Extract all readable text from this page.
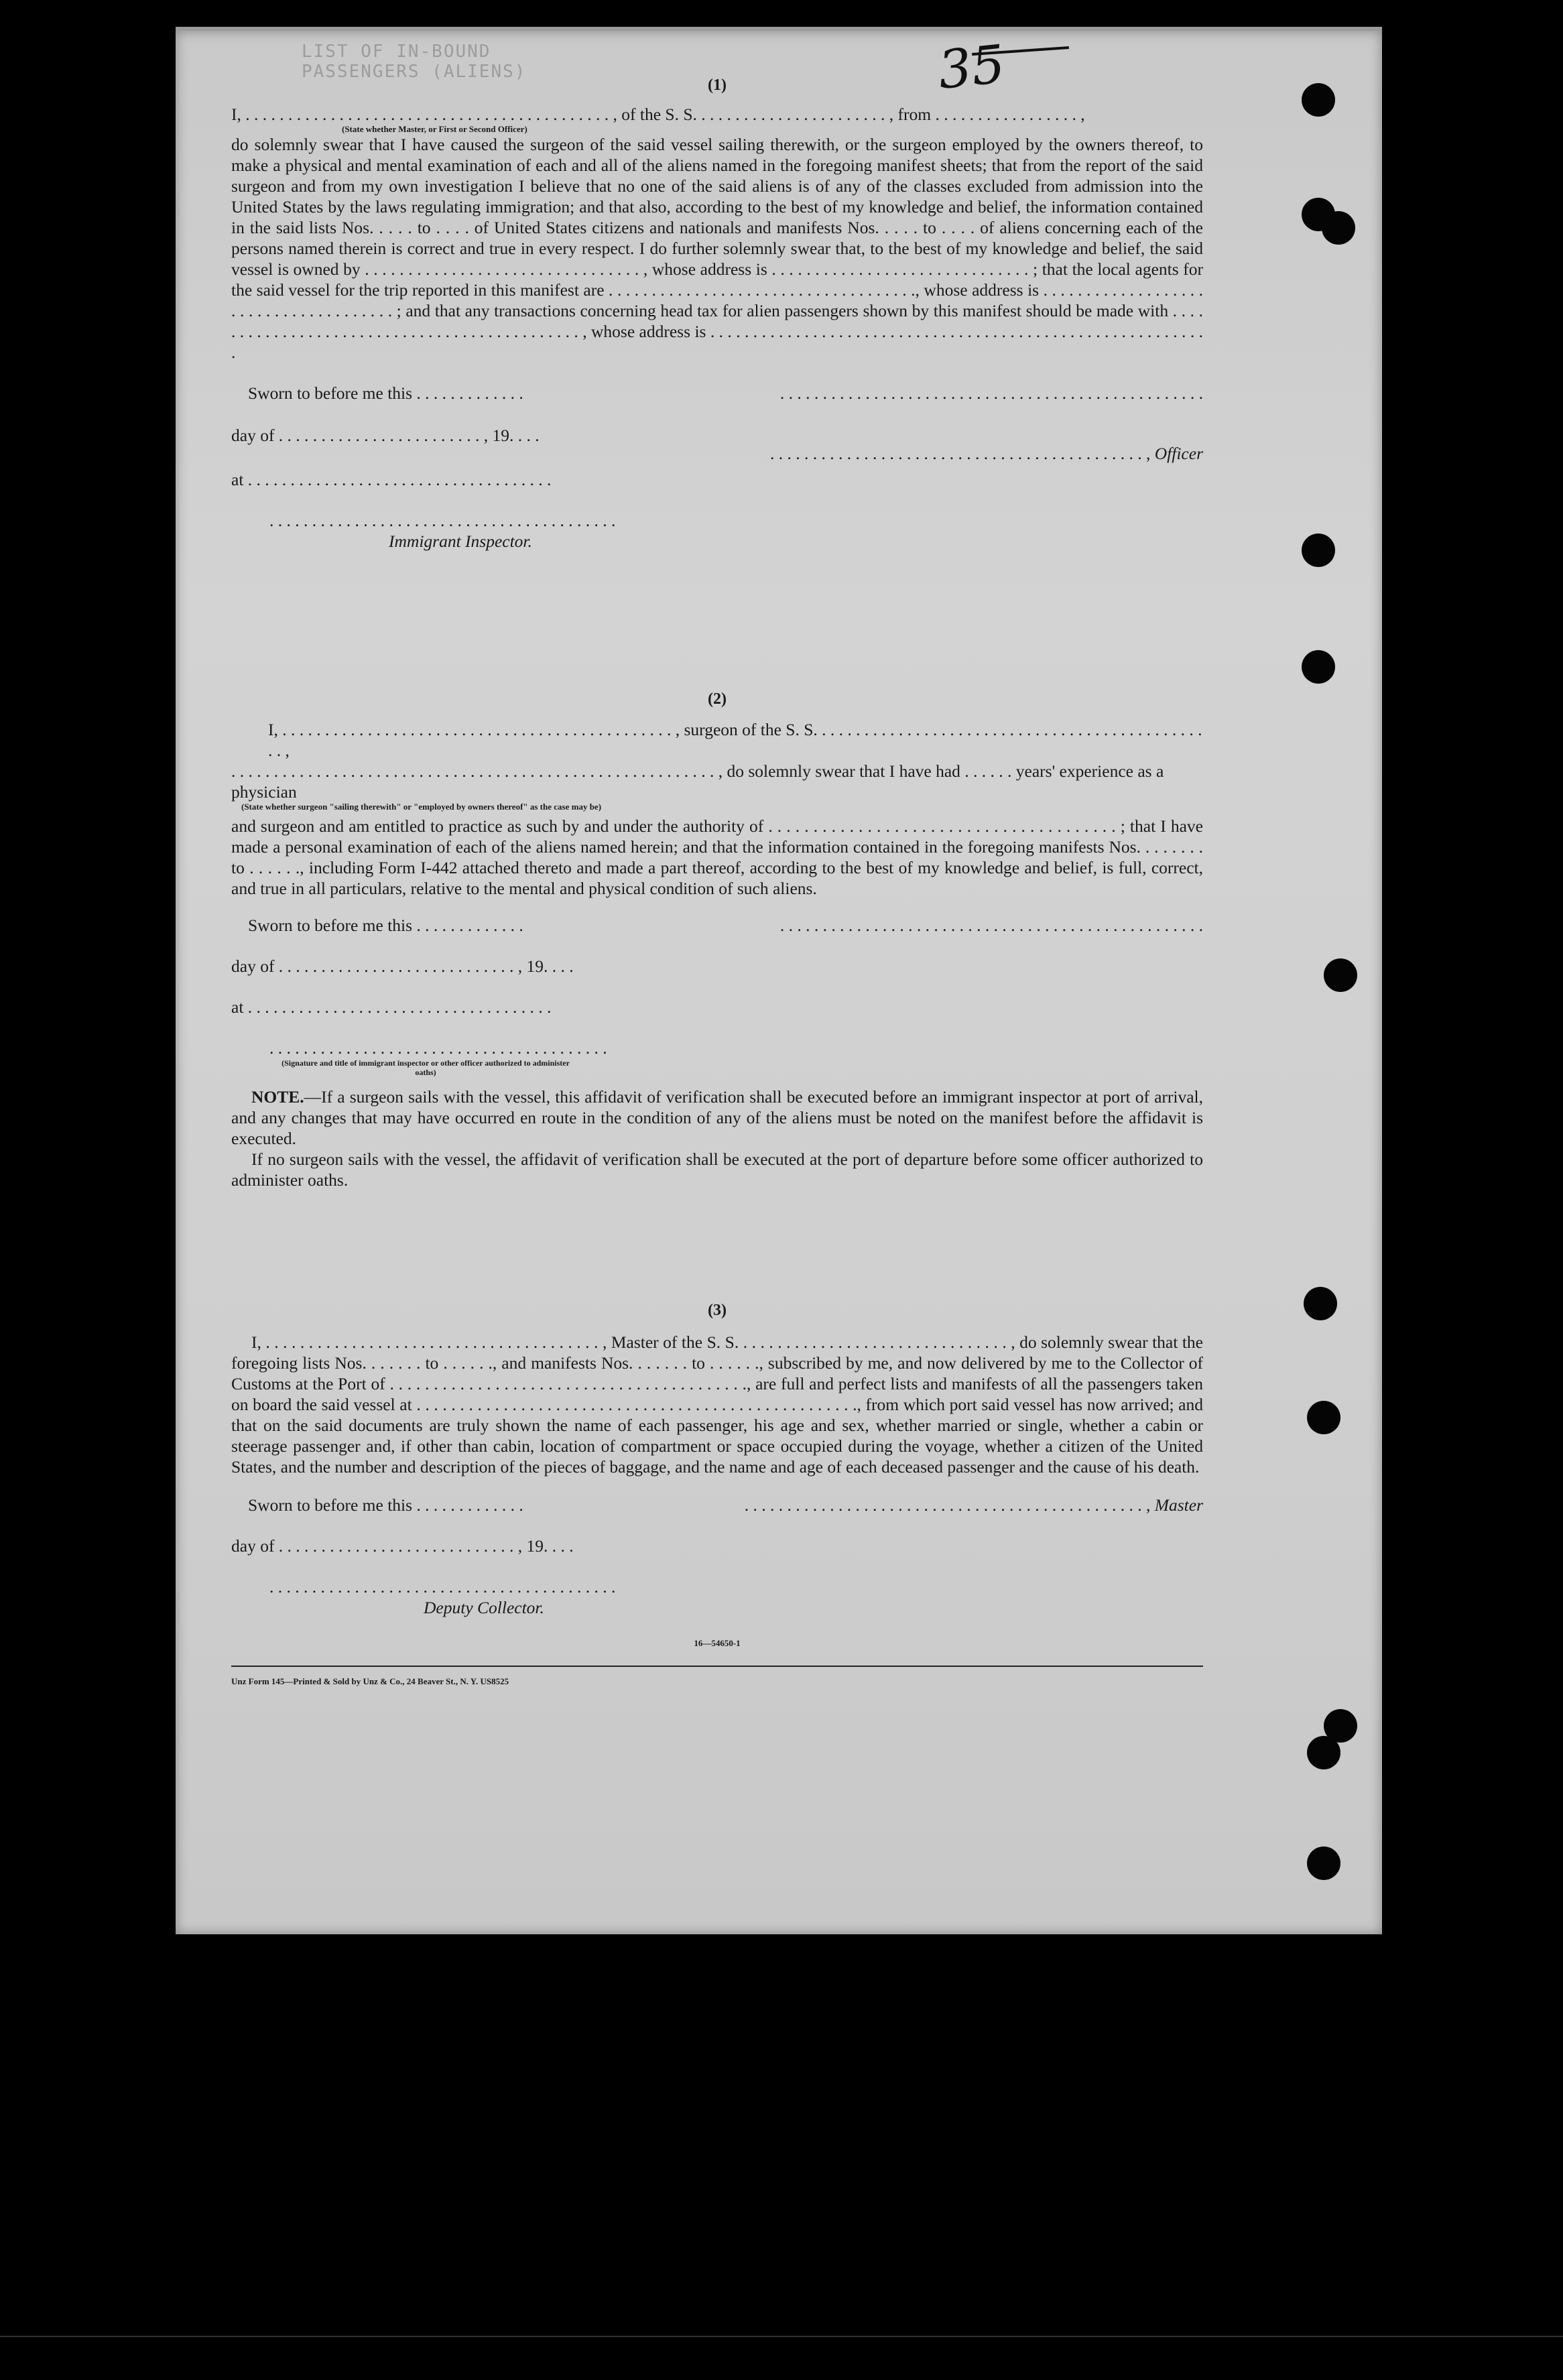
LIST OF IN-BOUND PASSENGERS (ALIENS)	35
(1)
I, . . . . . . . . . . . . . . . . . . . . . . . . . . . . . . . . . . . . . . . . . . . , of the S. S. . . . . . . . . . . . . . . . . . . . . . . , from . . . . . . . . . . . . . . . . . ,
(State whether Master, or First or Second Officer)

do solemnly swear that I have caused the surgeon of the said vessel sailing therewith, or the surgeon employed by the owners thereof, to make a physical and mental examination of each and all of the aliens named in the foregoing manifest sheets; that from the report of the said surgeon and from my own investigation I believe that no one of the said aliens is of any of the classes excluded from admission into the United States by the laws regulating immigration; and that also, according to the best of my knowledge and belief, the information contained in the said lists Nos. . . . . to . . . . of United States citizens and nationals and manifests Nos. . . . . to . . . . of aliens concerning each of the persons named therein is correct and true in every respect. I do further solemnly swear that, to the best of my knowledge and belief, the said vessel is owned by . . . . . . . . . . . . . . . . . . . . . . . . . . . . . . . . , whose address is . . . . . . . . . . . . . . . . . . . . . . . . . . . . . . ; that the local agents for the said vessel for the trip reported in this manifest are . . . . . . . . . . . . . . . . . . . . . . . . . . . . . . . . . . . ., whose address is . . . . . . . . . . . . . . . . . . . . . . . . . . . . . . . . . . . . . . ; and that any transactions concerning head tax for alien passengers shown by this manifest should be made with . . . . . . . . . . . . . . . . . . . . . . . . . . . . . . . . . . . . . . . . . . . . . , whose address is . . . . . . . . . . . . . . . . . . . . . . . . . . . . . . . . . . . . . . . . . . . . . . . . . . . . . . . . . . .

Sworn to before me this . . . . . . . . . . . . .	. . . . . . . . . . . . . . . . . . . . . . . . . . . . . . . . . . . . . . . . . . . . . . . . . .
day of . . . . . . . . . . . . . . . . . . . . . . . . , 19. . . .
. . . . . . . . . . . . . . . . . . . . . . . . . . . . . . . . . . . . . . . . . . . . , Officer
at . . . . . . . . . . . . . . . . . . . . . . . . . . . . . . . . . . . .
. . . . . . . . . . . . . . . . . . . . . . . . . . . . . . . . . . . . . . . . .
Immigrant Inspector.
(2)
I, . . . . . . . . . . . . . . . . . . . . . . . . . . . . . . . . . . . . . . . . . . . . . . , surgeon of the S. S. . . . . . . . . . . . . . . . . . . . . . . . . . . . . . . . . . . . . . . . . . . . . . . . ,
. . . . . . . . . . . . . . . . . . . . . . . . . . . . . . . . . . . . . . . . . . . . . . . . . . . . . . . . . , do solemnly swear that I have had . . . . . . years' experience as a physician
(State whether surgeon "sailing therewith" or "employed by owners thereof" as the case may be)

and surgeon and am entitled to practice as such by and under the authority of . . . . . . . . . . . . . . . . . . . . . . . . . . . . . . . . . . . . . . . ; that I have made a personal examination of each of the aliens named herein; and that the information contained in the foregoing manifests Nos. . . . . . . . to . . . . . ., including Form I-442 attached thereto and made a part thereof, according to the best of my knowledge and belief, is full, correct, and true in all particulars, relative to the mental and physical condition of such aliens.

Sworn to before me this . . . . . . . . . . . . .	. . . . . . . . . . . . . . . . . . . . . . . . . . . . . . . . . . . . . . . . . . . . . . . . . .
day of . . . . . . . . . . . . . . . . . . . . . . . . . . . . , 19. . . .
at . . . . . . . . . . . . . . . . . . . . . . . . . . . . . . . . . . . .
. . . . . . . . . . . . . . . . . . . . . . . . . . . . . . . . . . . . . . . .
(Signature and title of immigrant inspector or other officer authorized to administer oaths)

NOTE.—If a surgeon sails with the vessel, this affidavit of verification shall be executed before an immigrant inspector at port of arrival, and any changes that may have occurred en route in the condition of any of the aliens must be noted on the manifest before the affidavit is executed.

If no surgeon sails with the vessel, the affidavit of verification shall be executed at the port of departure before some officer authorized to administer oaths.

(3)

I, . . . . . . . . . . . . . . . . . . . . . . . . . . . . . . . . . . . . . . . , Master of the S. S. . . . . . . . . . . . . . . . . . . . . . . . . . . . . . . . , do solemnly swear that the foregoing lists Nos. . . . . . . to . . . . . ., and manifests Nos. . . . . . . to . . . . . ., subscribed by me, and now delivered by me to the Collector of Customs at the Port of . . . . . . . . . . . . . . . . . . . . . . . . . . . . . . . . . . . . . . . . ., are full and perfect lists and manifests of all the passengers taken on board the said vessel at . . . . . . . . . . . . . . . . . . . . . . . . . . . . . . . . . . . . . . . . . . . . . . . . . . ., from which port said vessel has now arrived; and that on the said documents are truly shown the name of each passenger, his age and sex, whether married or single, whether a cabin or steerage passenger and, if other than cabin, location of compartment or space occupied during the voyage, whether a citizen of the United States, and the number and description of the pieces of baggage, and the name and age of each deceased passenger and the cause of his death.

Sworn to before me this . . . . . . . . . . . . .	. . . . . . . . . . . . . . . . . . . . . . . . . . . . . . . . . . . . . . . . . . . . . . . , Master
day of . . . . . . . . . . . . . . . . . . . . . . . . . . . . , 19. . . .
. . . . . . . . . . . . . . . . . . . . . . . . . . . . . . . . . . . . . . . . .
Deputy Collector.
16—54650-1
Unz Form 145—Printed & Sold by Unz & Co., 24 Beaver St., N. Y. US8525
